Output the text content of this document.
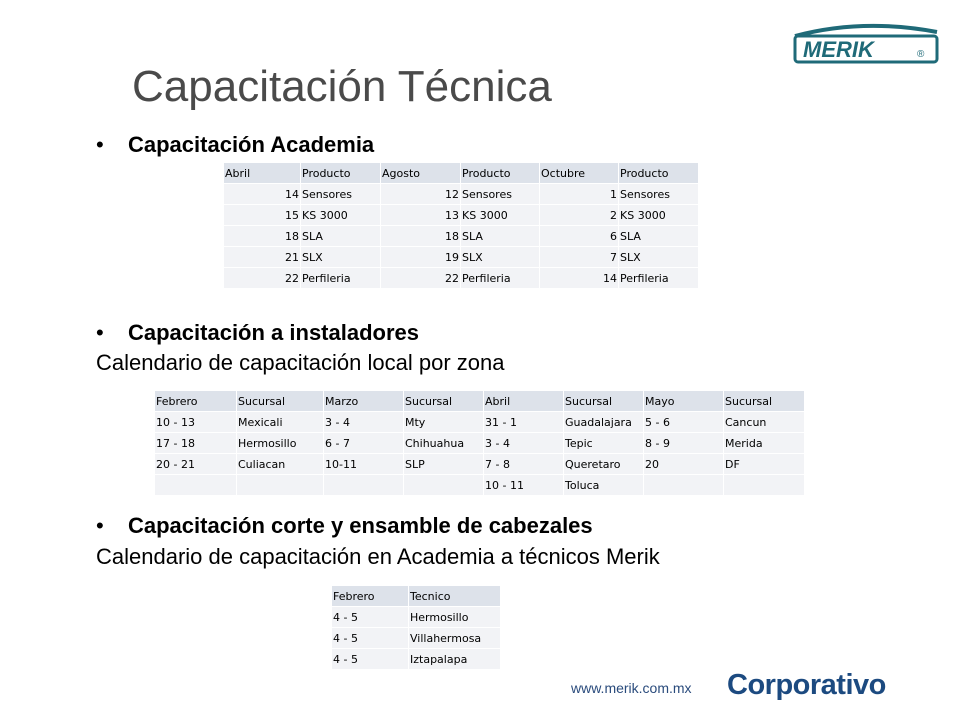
MERIK	®
Capacitación Técnica
• Capacitación Academia
Abril	Producto	Agosto	Producto	Octubre	Producto
14	Sensores	12	Sensores	1	Sensores
15	KS 3000	13	KS 3000	2	KS 3000
18	SLA	18	SLA	6	SLA
21	SLX	19	SLX	7	SLX
22	Perfileria	22	Perfileria	14	Perfileria
• Capacitación a instaladores
Calendario de capacitación local por zona
Febrero	Sucursal	Marzo	Sucursal	Abril	Sucursal	Mayo	Sucursal
10 - 13	Mexicali	3 - 4	Mty	31 - 1	Guadalajara	5 - 6	Cancun
17 - 18	Hermosillo	6 - 7	Chihuahua	3 - 4	Tepic	8 - 9	Merida
20 - 21	Culiacan	10-11	SLP	7 - 8	Queretaro	20	DF
				10 - 11	Toluca		
• Capacitación corte y ensamble de cabezales
Calendario de capacitación en Academia a técnicos Merik
Febrero	Tecnico
4 - 5	Hermosillo
4 - 5	Villahermosa
4 - 5	Iztapalapa
www.merik.com.mx Corporativo
